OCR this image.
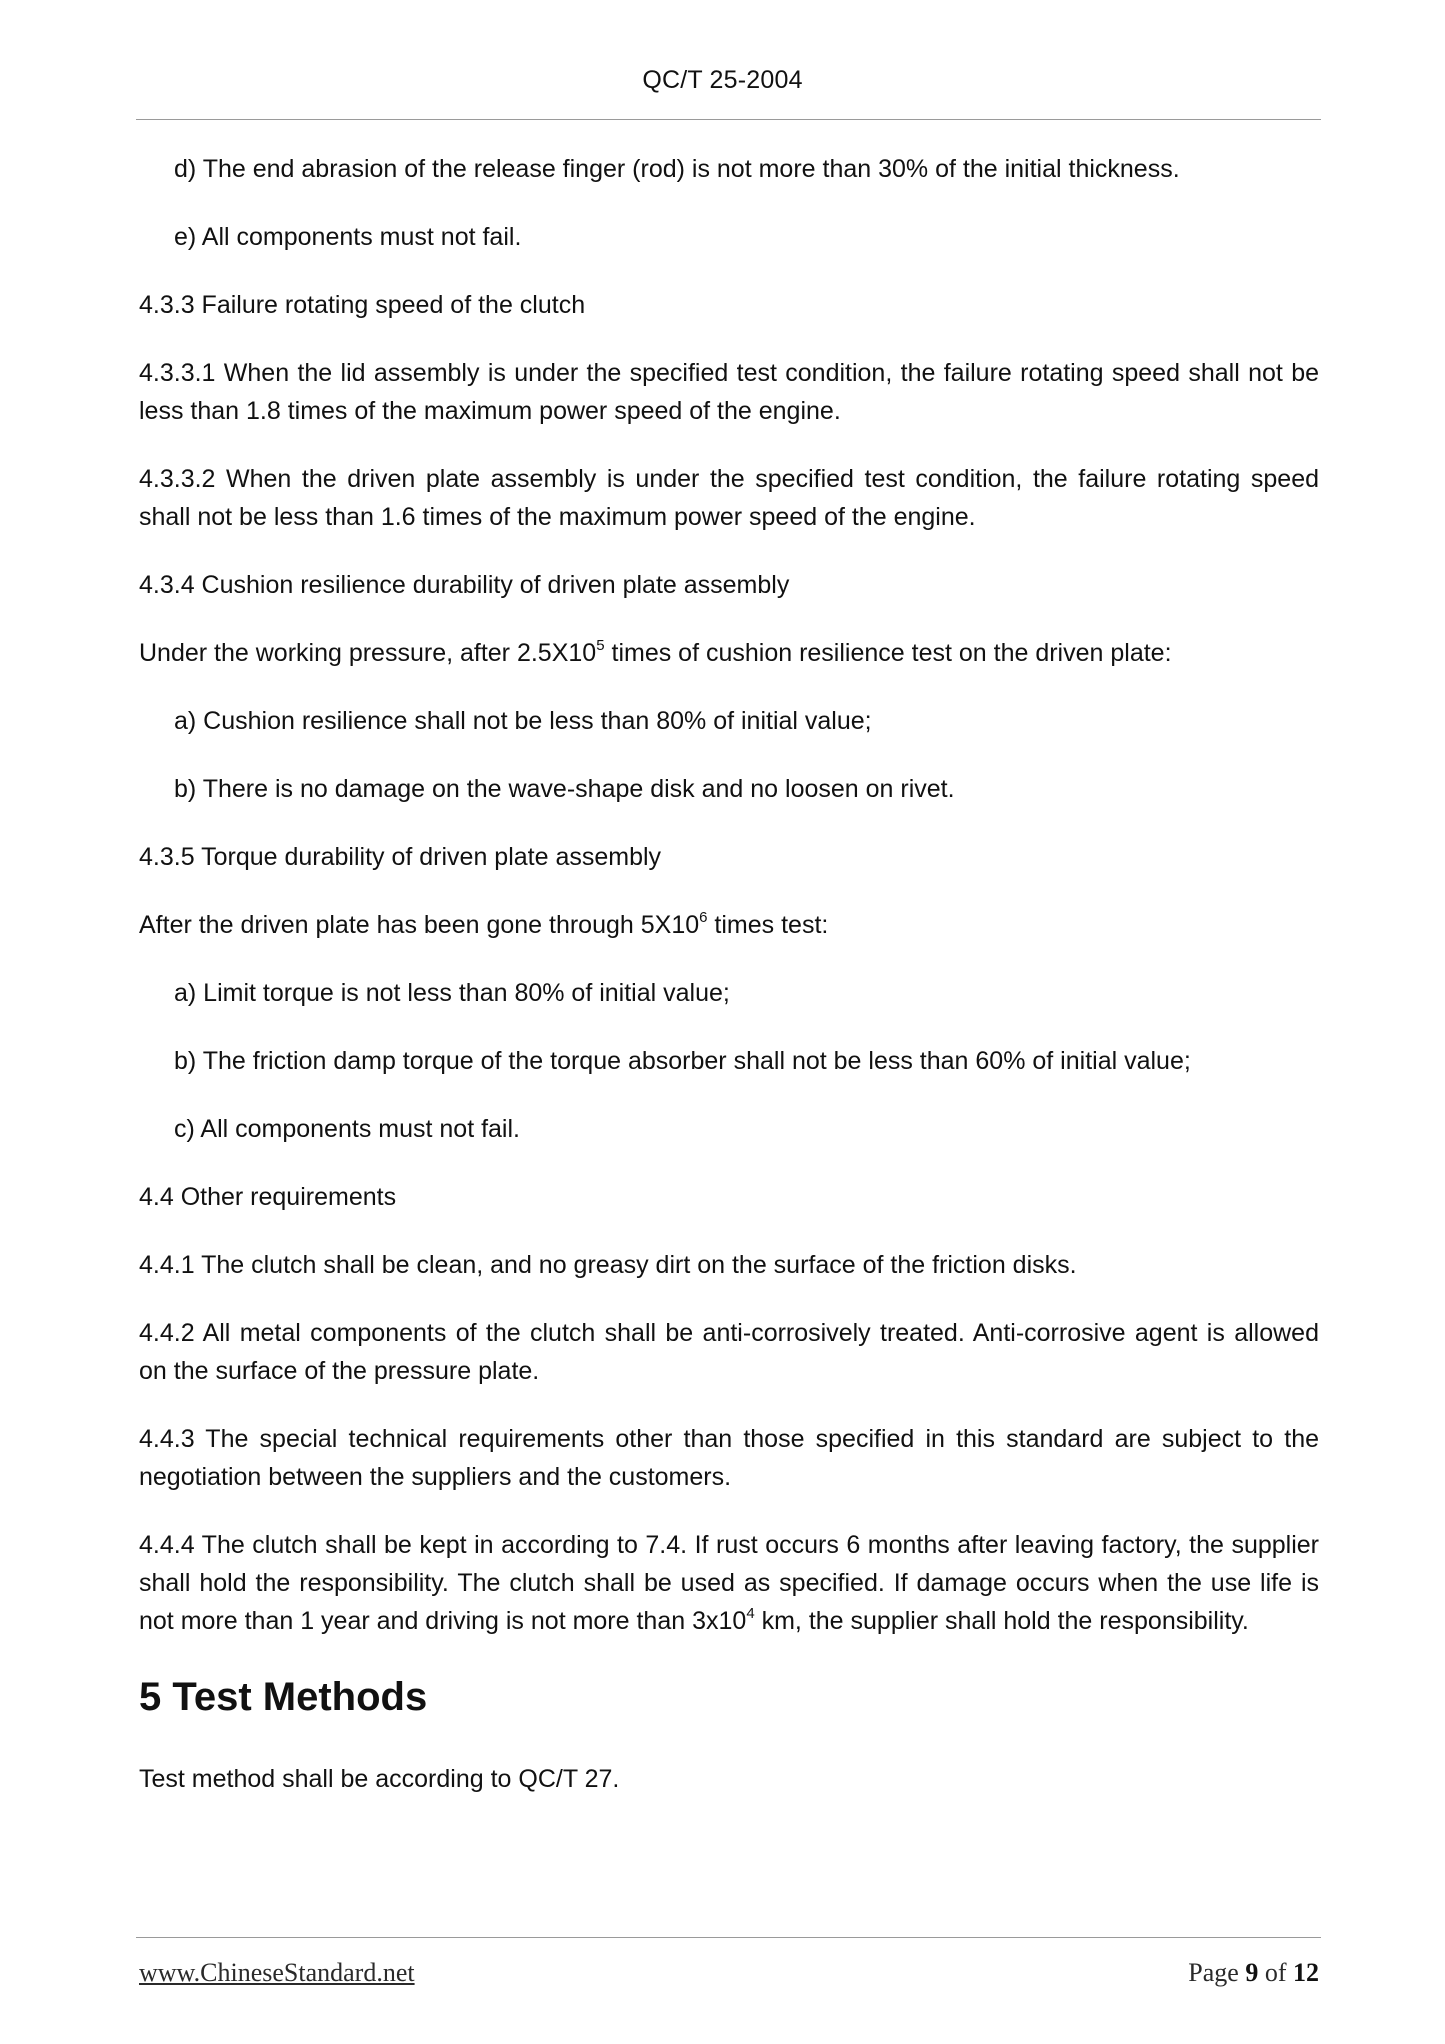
QC/T 25-2004

d) The end abrasion of the release finger (rod) is not more than 30% of the initial thickness.

e) All components must not fail.

4.3.3 Failure rotating speed of the clutch

4.3.3.1 When the lid assembly is under the specified test condition, the failure rotating speed shall not be less than 1.8 times of the maximum power speed of the engine.

4.3.3.2 When the driven plate assembly is under the specified test condition, the failure rotating speed shall not be less than 1.6 times of the maximum power speed of the engine.

4.3.4 Cushion resilience durability of driven plate assembly

Under the working pressure, after $2.5X10^5$ times of cushion resilience test on the driven plate:

a) Cushion resilience shall not be less than 80% of initial value;

b) There is no damage on the wave-shape disk and no loosen on rivet.

4.3.5 Torque durability of driven plate assembly

After the driven plate has been gone through $5X10^6$ times test:

a) Limit torque is not less than 80% of initial value;

b) The friction damp torque of the torque absorber shall not be less than 60% of initial value;

c) All components must not fail.

4.4 Other requirements

4.4.1 The clutch shall be clean, and no greasy dirt on the surface of the friction disks.

4.4.2 All metal components of the clutch shall be anti-corrosively treated. Anti-corrosive agent is allowed on the surface of the pressure plate.

4.4.3 The special technical requirements other than those specified in this standard are subject to the negotiation between the suppliers and the customers.

4.4.4 The clutch shall be kept in according to 7.4. If rust occurs 6 months after leaving factory, the supplier shall hold the responsibility. The clutch shall be used as specified. If damage occurs when the use life is not more than 1 year and driving is not more than $3x10^4$ km, the supplier shall hold the responsibility.

5 Test Methods

Test method shall be according to QC/T 27.

www.ChineseStandard.net	Page 9 of 12
